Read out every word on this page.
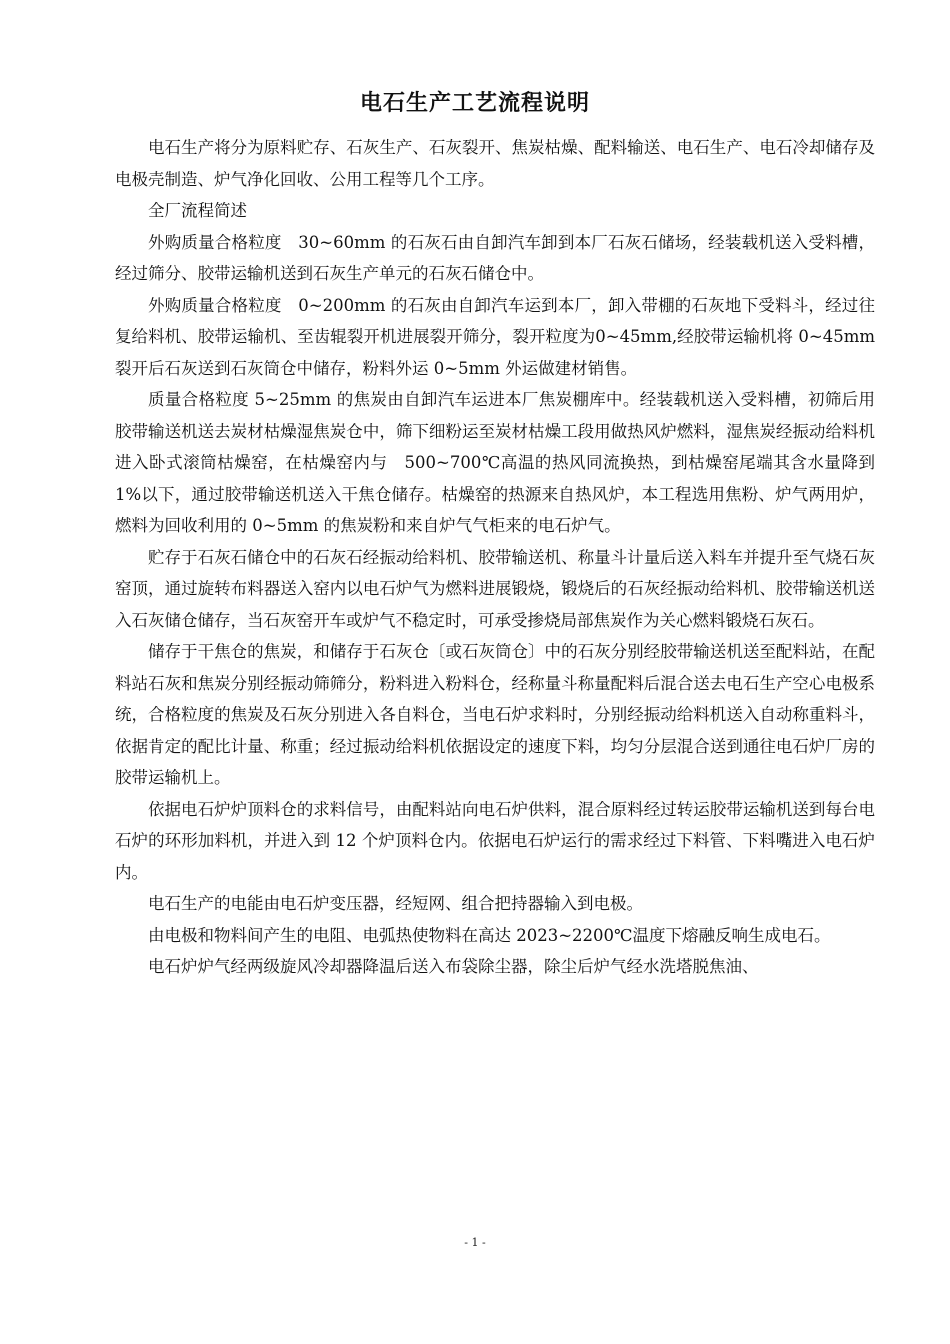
电石生产工艺流程说明

电石生产将分为原料贮存、石灰生产、石灰裂开、焦炭枯燥、配料输送、电石生产、电石冷却储存及电极壳制造、炉气净化回收、公用工程等几个工序。

全厂流程简述

外购质量合格粒度　30~60mm 的石灰石由自卸汽车卸到本厂石灰石储场，经装载机送入受料槽，经过筛分、胶带运输机送到石灰生产单元的石灰石储仓中。

外购质量合格粒度　0~200mm 的石灰由自卸汽车运到本厂，卸入带棚的石灰地下受料斗，经过往复给料机、胶带运输机、至齿辊裂开机进展裂开筛分，裂开粒度为0~45mm,经胶带运输机将 0~45mm 裂开后石灰送到石灰筒仓中储存，粉料外运 0~5mm 外运做建材销售。

质量合格粒度 5~25mm 的焦炭由自卸汽车运进本厂焦炭棚库中。经装载机送入受料槽，初筛后用胶带输送机送去炭材枯燥湿焦炭仓中，筛下细粉运至炭材枯燥工段用做热风炉燃料，湿焦炭经振动给料机进入卧式滚筒枯燥窑，在枯燥窑内与　500~700℃高温的热风同流换热，到枯燥窑尾端其含水量降到 1%以下，通过胶带输送机送入干焦仓储存。枯燥窑的热源来自热风炉，本工程选用焦粉、炉气两用炉，燃料为回收利用的 0~5mm 的焦炭粉和来自炉气气柜来的电石炉气。

贮存于石灰石储仓中的石灰石经振动给料机、胶带输送机、称量斗计量后送入料车并提升至气烧石灰窑顶，通过旋转布料器送入窑内以电石炉气为燃料进展锻烧，锻烧后的石灰经振动给料机、胶带输送机送入石灰储仓储存，当石灰窑开车或炉气不稳定时，可承受掺烧局部焦炭作为关心燃料锻烧石灰石。

储存于干焦仓的焦炭，和储存于石灰仓〔或石灰筒仓〕中的石灰分别经胶带输送机送至配料站，在配料站石灰和焦炭分别经振动筛筛分，粉料进入粉料仓，经称量斗称量配料后混合送去电石生产空心电极系统，合格粒度的焦炭及石灰分别进入各自料仓，当电石炉求料时，分别经振动给料机送入自动称重料斗，依据肯定的配比计量、称重；经过振动给料机依据设定的速度下料，均匀分层混合送到通往电石炉厂房的胶带运输机上。

依据电石炉炉顶料仓的求料信号，由配料站向电石炉供料，混合原料经过转运胶带运输机送到每台电石炉的环形加料机，并进入到 12 个炉顶料仓内。依据电石炉运行的需求经过下料管、下料嘴进入电石炉内。

电石生产的电能由电石炉变压器，经短网、组合把持器输入到电极。

由电极和物料间产生的电阻、电弧热使物料在高达 2023~2200℃温度下熔融反响生成电石。

电石炉炉气经两级旋风冷却器降温后送入布袋除尘器，除尘后炉气经水洗塔脱焦油、

- 1 -
